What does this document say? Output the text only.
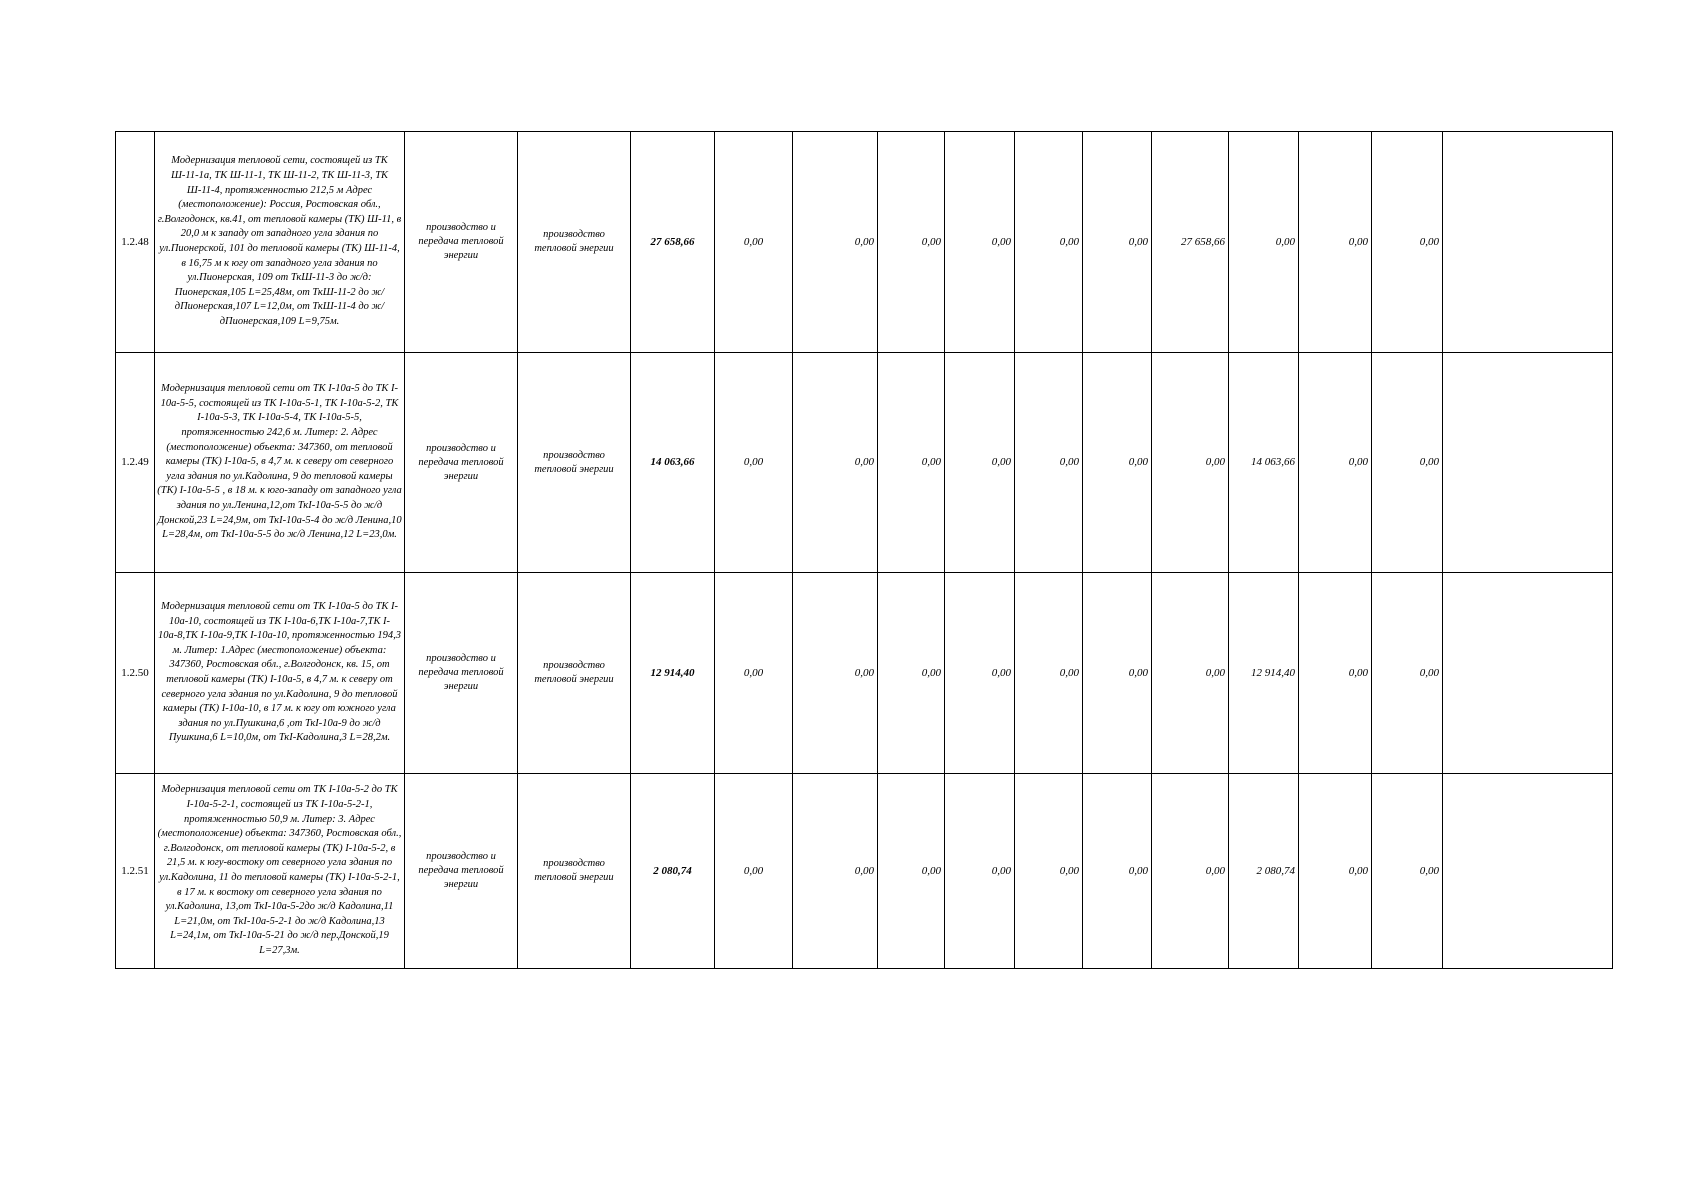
1.2.48	Модернизация тепловой сети, состоящей из ТК Ш-11-1а, ТК Ш-11-1, ТК Ш-11-2, ТК Ш-11-3, ТК Ш-11-4, протяженностью 212,5 м Адрес (местоположение): Россия, Ростовская обл., г.Волгодонск, кв.41, от тепловой камеры (ТК) Ш-11, в 20,0 м к западу от западного угла здания по ул.Пионерской, 101 до тепловой камеры (ТК) Ш-11-4, в 16,75 м к югу от западного угла здания по ул.Пионерская, 109 от ТкШ-11-3 до ж/д: Пионерская,105 L=25,48м, от ТкШ-11-2 до ж/дПионерская,107 L=12,0м, от ТкШ-11-4 до ж/дПионерская,109 L=9,75м.	производство и передача тепловой энергии	производство тепловой энергии	27 658,66	0,00	0,00	0,00	0,00	0,00	0,00	27 658,66	0,00	0,00	0,00	
1.2.49	Модернизация тепловой сети от ТК I-10а-5 до ТК I-10а-5-5, состоящей из ТК I-10а-5-1, ТК I-10а-5-2, ТК I-10а-5-3, ТК I-10а-5-4, ТК I-10а-5-5, протяженностью 242,6 м. Литер: 2. Адрес (местоположение) объекта: 347360, от тепловой камеры (ТК) I-10а-5, в 4,7 м. к северу от северного угла здания по ул.Кадолина, 9 до тепловой камеры (ТК) I-10а-5-5 , в 18 м. к юго-западу от западного угла здания по ул.Ленина,12,от ТкI-10а-5-5 до ж/д Донской,23 L=24,9м, от ТкI-10а-5-4 до ж/д Ленина,10 L=28,4м, от ТкI-10а-5-5 до ж/д Ленина,12 L=23,0м.	производство и передача тепловой энергии	производство тепловой энергии	14 063,66	0,00	0,00	0,00	0,00	0,00	0,00	0,00	14 063,66	0,00	0,00	
1.2.50	Модернизация тепловой сети от ТК I-10а-5 до ТК I-10а-10, состоящей из ТК I-10а-6,ТК I-10а-7,ТК I-10а-8,ТК I-10а-9,ТК I-10а-10, протяженностью 194,3 м. Литер: 1.Адрес (местоположение) объекта: 347360, Ростовская обл., г.Волгодонск, кв. 15, от тепловой камеры (ТК) I-10а-5, в 4,7 м. к северу от северного угла здания по ул.Кадолина, 9 до тепловой камеры (ТК) I-10а-10, в 17 м. к югу от южного угла здания по ул.Пушкина,6 ,от ТкI-10а-9 до ж/д Пушкина,6 L=10,0м, от ТкI-Кадолина,3 L=28,2м.	производство и передача тепловой энергии	производство тепловой энергии	12 914,40	0,00	0,00	0,00	0,00	0,00	0,00	0,00	12 914,40	0,00	0,00	
1.2.51	Модернизация тепловой сети от ТК I-10а-5-2 до ТК I-10а-5-2-1, состоящей из ТК I-10а-5-2-1, протяженностью 50,9 м. Литер: 3. Адрес (местоположение) объекта: 347360, Ростовская обл., г.Волгодонск, от тепловой камеры (ТК) I-10а-5-2, в 21,5 м. к югу-востоку от северного угла здания по ул.Кадолина, 11 до тепловой камеры (ТК) I-10а-5-2-1, в 17 м. к востоку от северного угла здания по ул.Кадолина, 13,от ТкI-10а-5-2до ж/д Кадолина,11 L=21,0м, от ТкI-10а-5-2-1 до ж/д Кадолина,13 L=24,1м, от ТкI-10а-5-21 до ж/д пер.Донской,19 L=27,3м.	производство и передача тепловой энергии	производство тепловой энергии	2 080,74	0,00	0,00	0,00	0,00	0,00	0,00	0,00	2 080,74	0,00	0,00	
